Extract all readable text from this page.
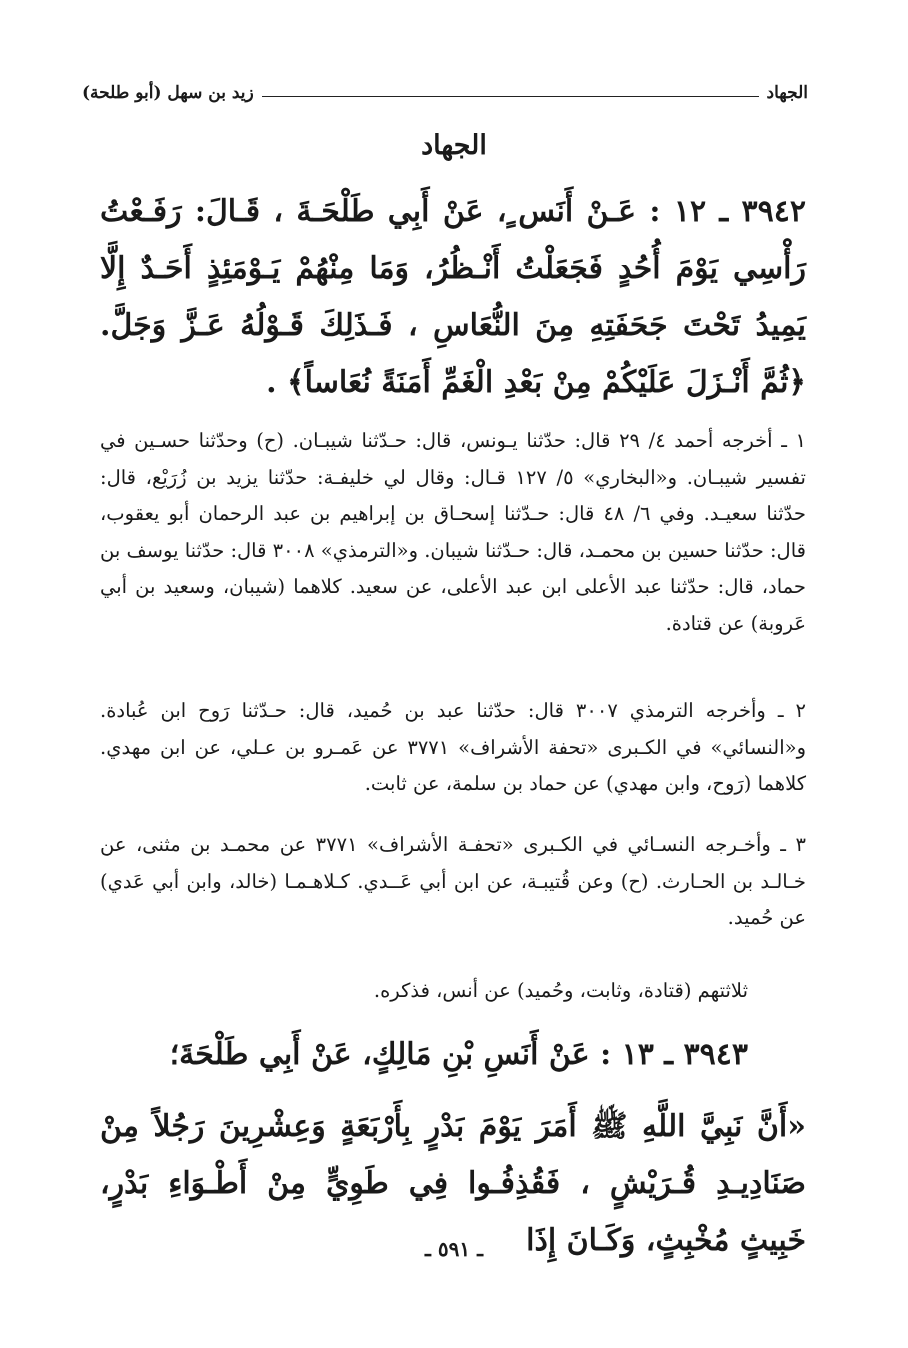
الجهاد
زيد بن سهل (أبو طلحة)
الجهاد
٣٩٤٢ ـ ١٢ : عَـنْ أَنَس ٍ، عَنْ أَبِي طَلْحَـةَ ، قَـالَ: رَفَـعْتُ رَأْسِي يَوْمَ أُحُدٍ فَجَعَلْتُ أَنْـظُرُ، وَمَا مِنْهُمْ يَـوْمَئِذٍ أَحَـدٌ إِلَّا يَمِيدُ تَحْتَ جَحَفَتِهِ مِنَ النُّعَاسِ ، فَـذَلِكَ قَـوْلُهُ عَـزَّ وَجَلَّ. ﴿ثُمَّ أَنْـزَلَ عَلَيْكُمْ مِنْ بَعْدِ الْغَمِّ أَمَنَةً نُعَاساً﴾ .

١ ـ أخرجه أحمد ٤/ ٢٩ قال: حدّثنا يـونس، قال: حـدّثنا شيبـان. (ح) وحدّثنا حسـين في تفسير شيبـان. و«البخاري» ٥/ ١٢٧ قـال: وقال لي خليفـة: حدّثنا يزيد بن زُرَيْع، قال: حدّثنا سعيـد. وفي ٦/ ٤٨ قال: حـدّثنا إسحـاق بن إبراهيم بن عبد الرحمان أبو يعقوب، قال: حدّثنا حسين بن محمـد، قال: حـدّثنا شيبان. و«الترمذي» ٣٠٠٨ قال: حدّثنا يوسف بن حماد، قال: حدّثنا عبد الأعلى ابن عبد الأعلى، عن سعيد. كلاهما (شيبان، وسعيد بن أبي عَروبة) عن قتادة.

٢ ـ وأخرجه الترمذي ٣٠٠٧ قال: حدّثنا عبد بن حُميد، قال: حـدّثنا رَوح ابن عُبادة. و«النسائي» في الكـبرى «تحفة الأشراف» ٣٧٧١ عن عَمـرو بن عـلي، عن ابن مهدي. كلاهما (رَوح، وابن مهدي) عن حماد بن سلمة، عن ثابت.

٣ ـ وأخـرجه النسـائي في الكـبرى «تحفـة الأشراف» ٣٧٧١ عن محمـد بن مثنى، عن خـالـد بن الحـارث. (ح) وعن قُتيبـة، عن ابن أبي عَــدي. كـلاهـمـا (خالد، وابن أبي عَدي) عن حُميد.

ثلاثتهم (قتادة، وثابت، وحُميد) عن أنس، فذكره.

٣٩٤٣ ـ ١٣ : عَنْ أَنَسِ بْنِ مَالِكٍ، عَنْ أَبِي طَلْحَةَ؛
«أَنَّ نَبِيَّ اللَّهِ ﷺ أَمَرَ يَوْمَ بَدْرٍ بِأَرْبَعَةٍ وَعِشْرِينَ رَجُلاً مِنْ صَنَادِيـدِ قُـرَيْشٍ ، فَقُذِفُـوا فِي طَوِيٍّ مِنْ أَطْـوَاءِ بَدْرٍ، خَبِيثٍ مُخْبِثٍ، وَكَـانَ إِذَا
ـ ٥٩١ ـ
